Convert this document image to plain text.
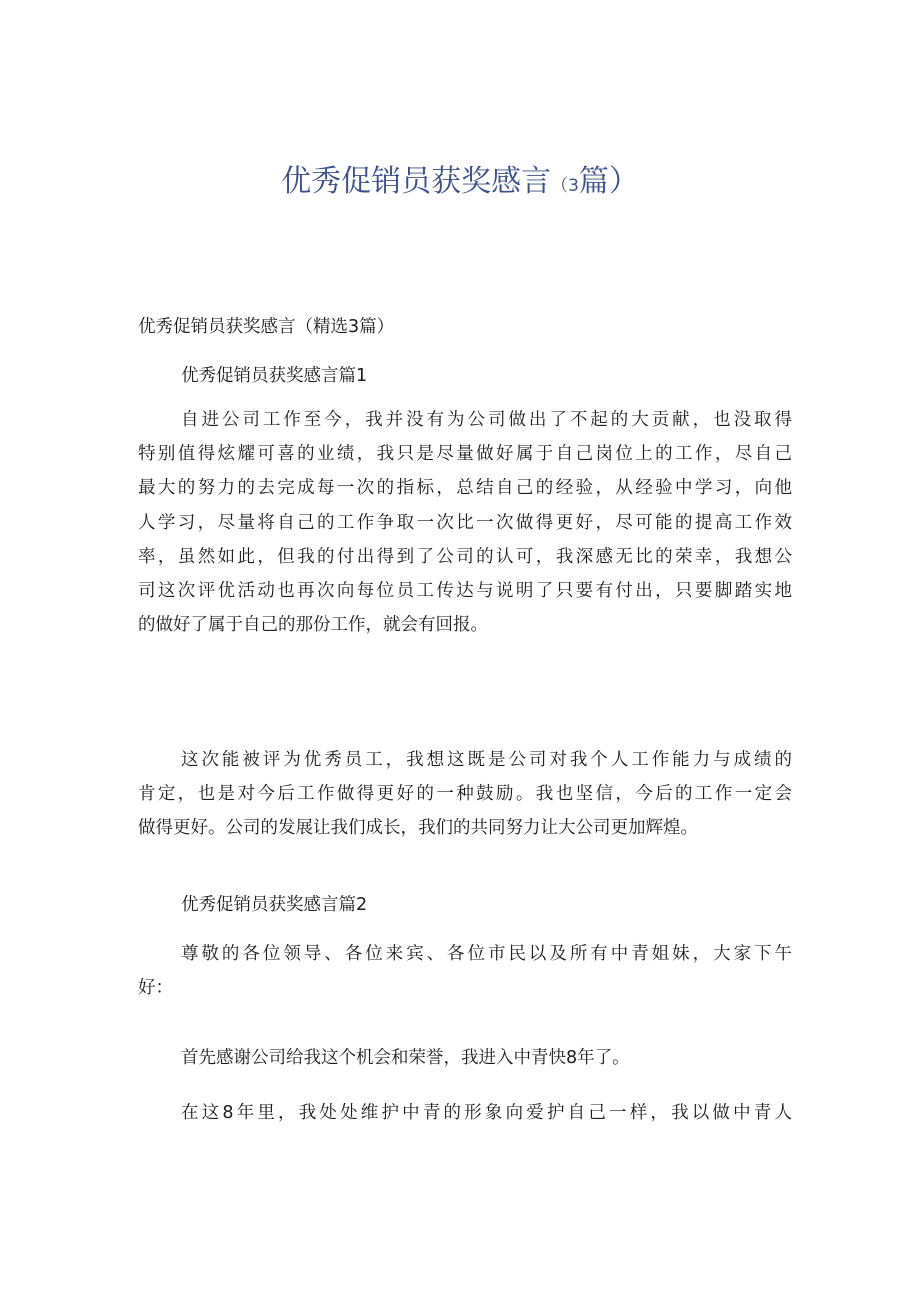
优秀促销员获奖感言（3篇）
优秀促销员获奖感言（精选3篇）
优秀促销员获奖感言篇1
自进公司工作至今，我并没有为公司做出了不起的大贡献，也没取得
特别值得炫耀可喜的业绩，我只是尽量做好属于自己岗位上的工作，尽自己
最大的努力的去完成每一次的指标，总结自己的经验，从经验中学习，向他
人学习，尽量将自己的工作争取一次比一次做得更好，尽可能的提高工作效
率，虽然如此，但我的付出得到了公司的认可，我深感无比的荣幸，我想公
司这次评优活动也再次向每位员工传达与说明了只要有付出，只要脚踏实地
的做好了属于自己的那份工作，就会有回报。
这次能被评为优秀员工，我想这既是公司对我个人工作能力与成绩的
肯定，也是对今后工作做得更好的一种鼓励。我也坚信，今后的工作一定会
做得更好。公司的发展让我们成长，我们的共同努力让大公司更加辉煌。
优秀促销员获奖感言篇2
尊敬的各位领导、各位来宾、各位市民以及所有中青姐妹，大家下午
好：
首先感谢公司给我这个机会和荣誉，我进入中青快8年了。
在这8年里，我处处维护中青的形象向爱护自己一样，我以做中青人
